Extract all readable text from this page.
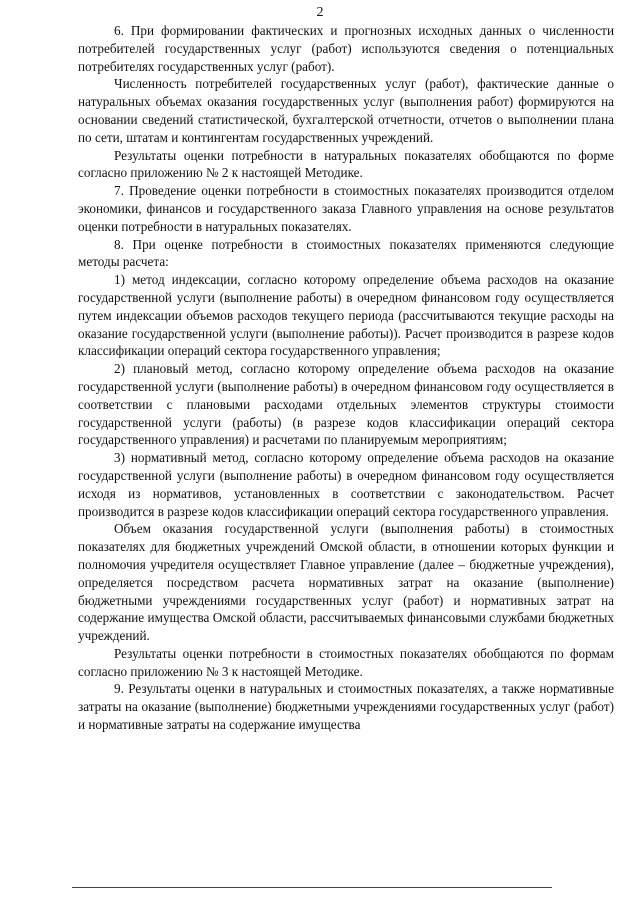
2

6. При формировании фактических и прогнозных исходных данных о численности потребителей государственных услуг (работ) используются сведения о потенциальных потребителях государственных услуг (работ).

Численность потребителей государственных услуг (работ), фактические данные о натуральных объемах оказания государственных услуг (выполнения работ) формируются на основании сведений статистической, бухгалтерской отчетности, отчетов о выполнении плана по сети, штатам и контингентам государственных учреждений.

Результаты оценки потребности в натуральных показателях обобщаются по форме согласно приложению № 2 к настоящей Методике.

7. Проведение оценки потребности в стоимостных показателях производится отделом экономики, финансов и государственного заказа Главного управления на основе результатов оценки потребности в натуральных показателях.

8. При оценке потребности в стоимостных показателях применяются следующие методы расчета:

1) метод индексации, согласно которому определение объема расходов на оказание государственной услуги (выполнение работы) в очередном финансовом году осуществляется путем индексации объемов расходов текущего периода (рассчитываются текущие расходы на оказание государственной услуги (выполнение работы)). Расчет производится в разрезе кодов классификации операций сектора государственного управления;

2) плановый метод, согласно которому определение объема расходов на оказание государственной услуги (выполнение работы) в очередном финансовом году осуществляется в соответствии с плановыми расходами отдельных элементов структуры стоимости государственной услуги (работы) (в разрезе кодов классификации операций сектора государственного управления) и расчетами по планируемым мероприятиям;

3) нормативный метод, согласно которому определение объема расходов на оказание государственной услуги (выполнение работы) в очередном финансовом году осуществляется исходя из нормативов, установленных в соответствии с законодательством. Расчет производится в разрезе кодов классификации операций сектора государственного управления.

Объем оказания государственной услуги (выполнения работы) в стоимостных показателях для бюджетных учреждений Омской области, в отношении которых функции и полномочия учредителя осуществляет Главное управление (далее – бюджетные учреждения), определяется посредством расчета нормативных затрат на оказание (выполнение) бюджетными учреждениями государственных услуг (работ) и нормативных затрат на содержание имущества Омской области, рассчитываемых финансовыми службами бюджетных учреждений.

Результаты оценки потребности в стоимостных показателях обобщаются по формам согласно приложению № 3 к настоящей Методике.

9. Результаты оценки в натуральных и стоимостных показателях, а также нормативные затраты на оказание (выполнение) бюджетными учреждениями государственных услуг (работ) и нормативные затраты на содержание имущества
